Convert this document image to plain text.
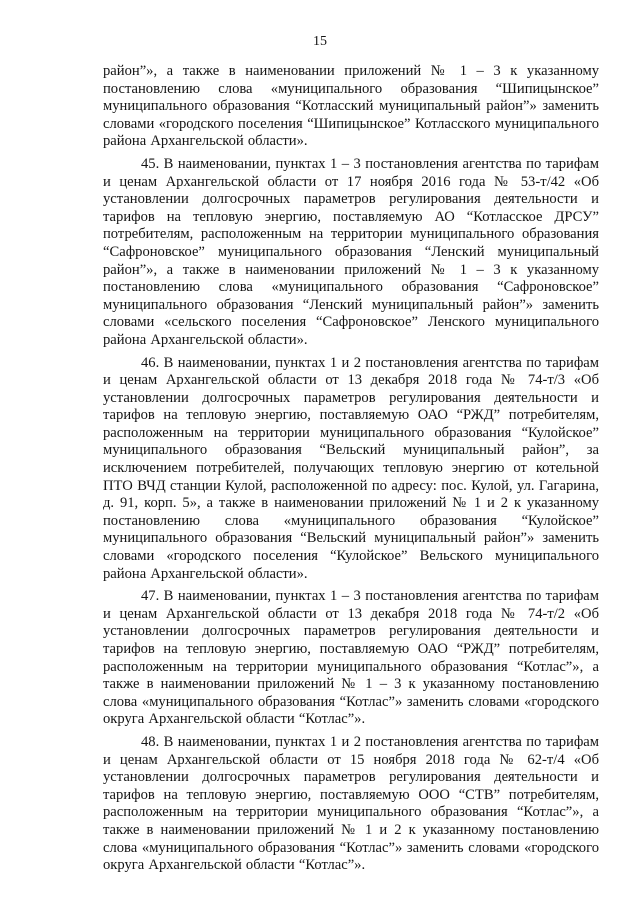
15

район”», а также в наименовании приложений № 1 – 3 к указанному постановлению слова «муниципального образования “Шипицынское” муниципального образования “Котласский муниципальный район”» заменить словами «городского поселения “Шипицынское” Котласского муниципального района Архангельской области».

45. В наименовании, пунктах 1 – 3 постановления агентства по тарифам и ценам Архангельской области от 17 ноября 2016 года № 53-т/42 «Об установлении долгосрочных параметров регулирования деятельности и тарифов на тепловую энергию, поставляемую АО “Котласское ДРСУ” потребителям, расположенным на территории муниципального образования “Сафроновское” муниципального образования “Ленский муниципальный район”», а также в наименовании приложений № 1 – 3 к указанному постановлению слова «муниципального образования “Сафроновское” муниципального образования “Ленский муниципальный район”» заменить словами «сельского поселения “Сафроновское” Ленского муниципального района Архангельской области».

46. В наименовании, пунктах 1 и 2 постановления агентства по тарифам и ценам Архангельской области от 13 декабря 2018 года № 74-т/3 «Об установлении долгосрочных параметров регулирования деятельности и тарифов на тепловую энергию, поставляемую ОАО “РЖД” потребителям, расположенным на территории муниципального образования “Кулойское” муниципального образования “Вельский муниципальный район”, за исключением потребителей, получающих тепловую энергию от котельной ПТО ВЧД станции Кулой, расположенной по адресу: пос. Кулой, ул. Гагарина, д. 91, корп. 5», а также в наименовании приложений № 1 и 2 к указанному постановлению слова «муниципального образования “Кулойское” муниципального образования “Вельский муниципальный район”» заменить словами «городского поселения “Кулойское” Вельского муниципального района Архангельской области».

47. В наименовании, пунктах 1 – 3 постановления агентства по тарифам и ценам Архангельской области от 13 декабря 2018 года № 74-т/2 «Об установлении долгосрочных параметров регулирования деятельности и тарифов на тепловую энергию, поставляемую ОАО “РЖД” потребителям, расположенным на территории муниципального образования “Котлас”», а также в наименовании приложений № 1 – 3 к указанному постановлению слова «муниципального образования “Котлас”» заменить словами «городского округа Архангельской области “Котлас”».

48. В наименовании, пунктах 1 и 2 постановления агентства по тарифам и ценам Архангельской области от 15 ноября 2018 года № 62-т/4 «Об установлении долгосрочных параметров регулирования деятельности и тарифов на тепловую энергию, поставляемую ООО “СТВ” потребителям, расположенным на территории муниципального образования “Котлас”», а также в наименовании приложений № 1 и 2 к указанному постановлению слова «муниципального образования “Котлас”» заменить словами «городского округа Архангельской области “Котлас”».
